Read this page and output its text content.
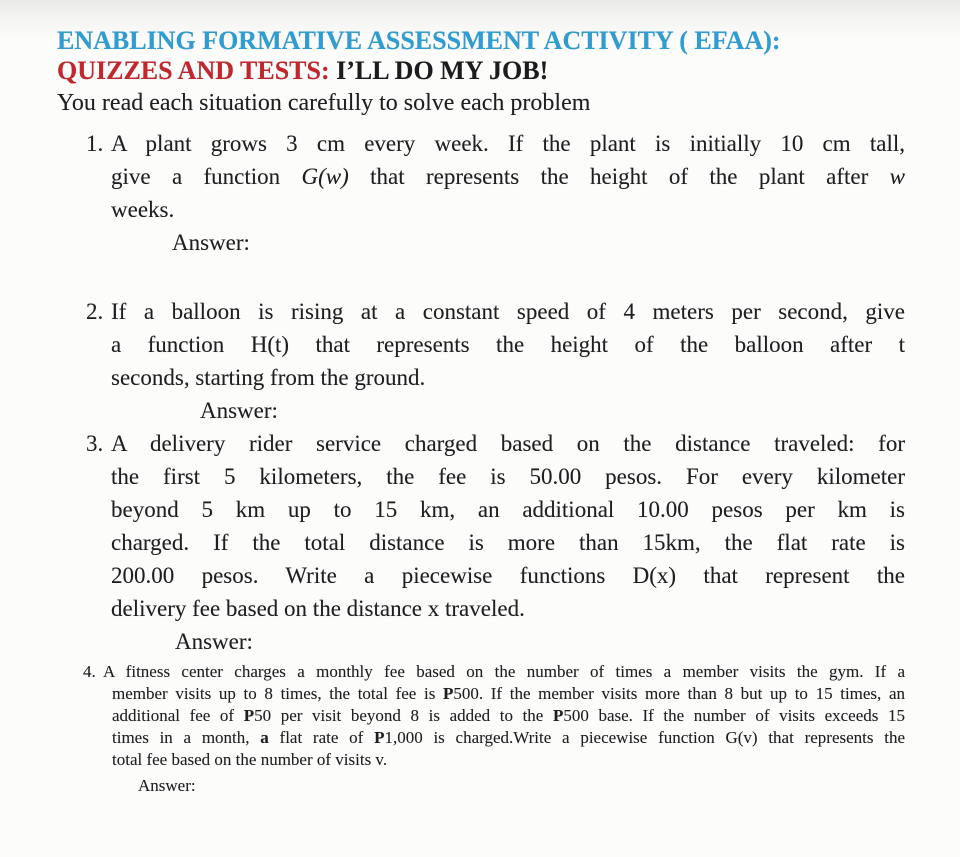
ENABLING FORMATIVE ASSESSMENT ACTIVITY ( EFAA):
QUIZZES AND TESTS: I’LL DO MY JOB!
You read each situation carefully to solve each problem
1. A plant grows 3 cm every week. If the plant is initially 10 cm tall,
give a function G(w) that represents the height of the plant after w
weeks.
Answer:
2. If a balloon is rising at a constant speed of 4 meters per second, give
a function H(t) that represents the height of the balloon after t
seconds, starting from the ground.
Answer:
3. A delivery rider service charged based on the distance traveled: for
the first 5 kilometers, the fee is 50.00 pesos. For every kilometer
beyond 5 km up to 15 km, an additional 10.00 pesos per km is
charged. If the total distance is more than 15km, the flat rate is
200.00 pesos. Write a piecewise functions D(x) that represent the
delivery fee based on the distance x traveled.
Answer:
4. A fitness center charges a monthly fee based on the number of times a member visits the gym. If a
member visits up to 8 times, the total fee is P500. If the member visits more than 8 but up to 15 times, an
additional fee of P50 per visit beyond 8 is added to the P500 base. If the number of visits exceeds 15
times in a month, a flat rate of P1,000 is charged.Write a piecewise function G(v) that represents the
total fee based on the number of visits v.
Answer:
